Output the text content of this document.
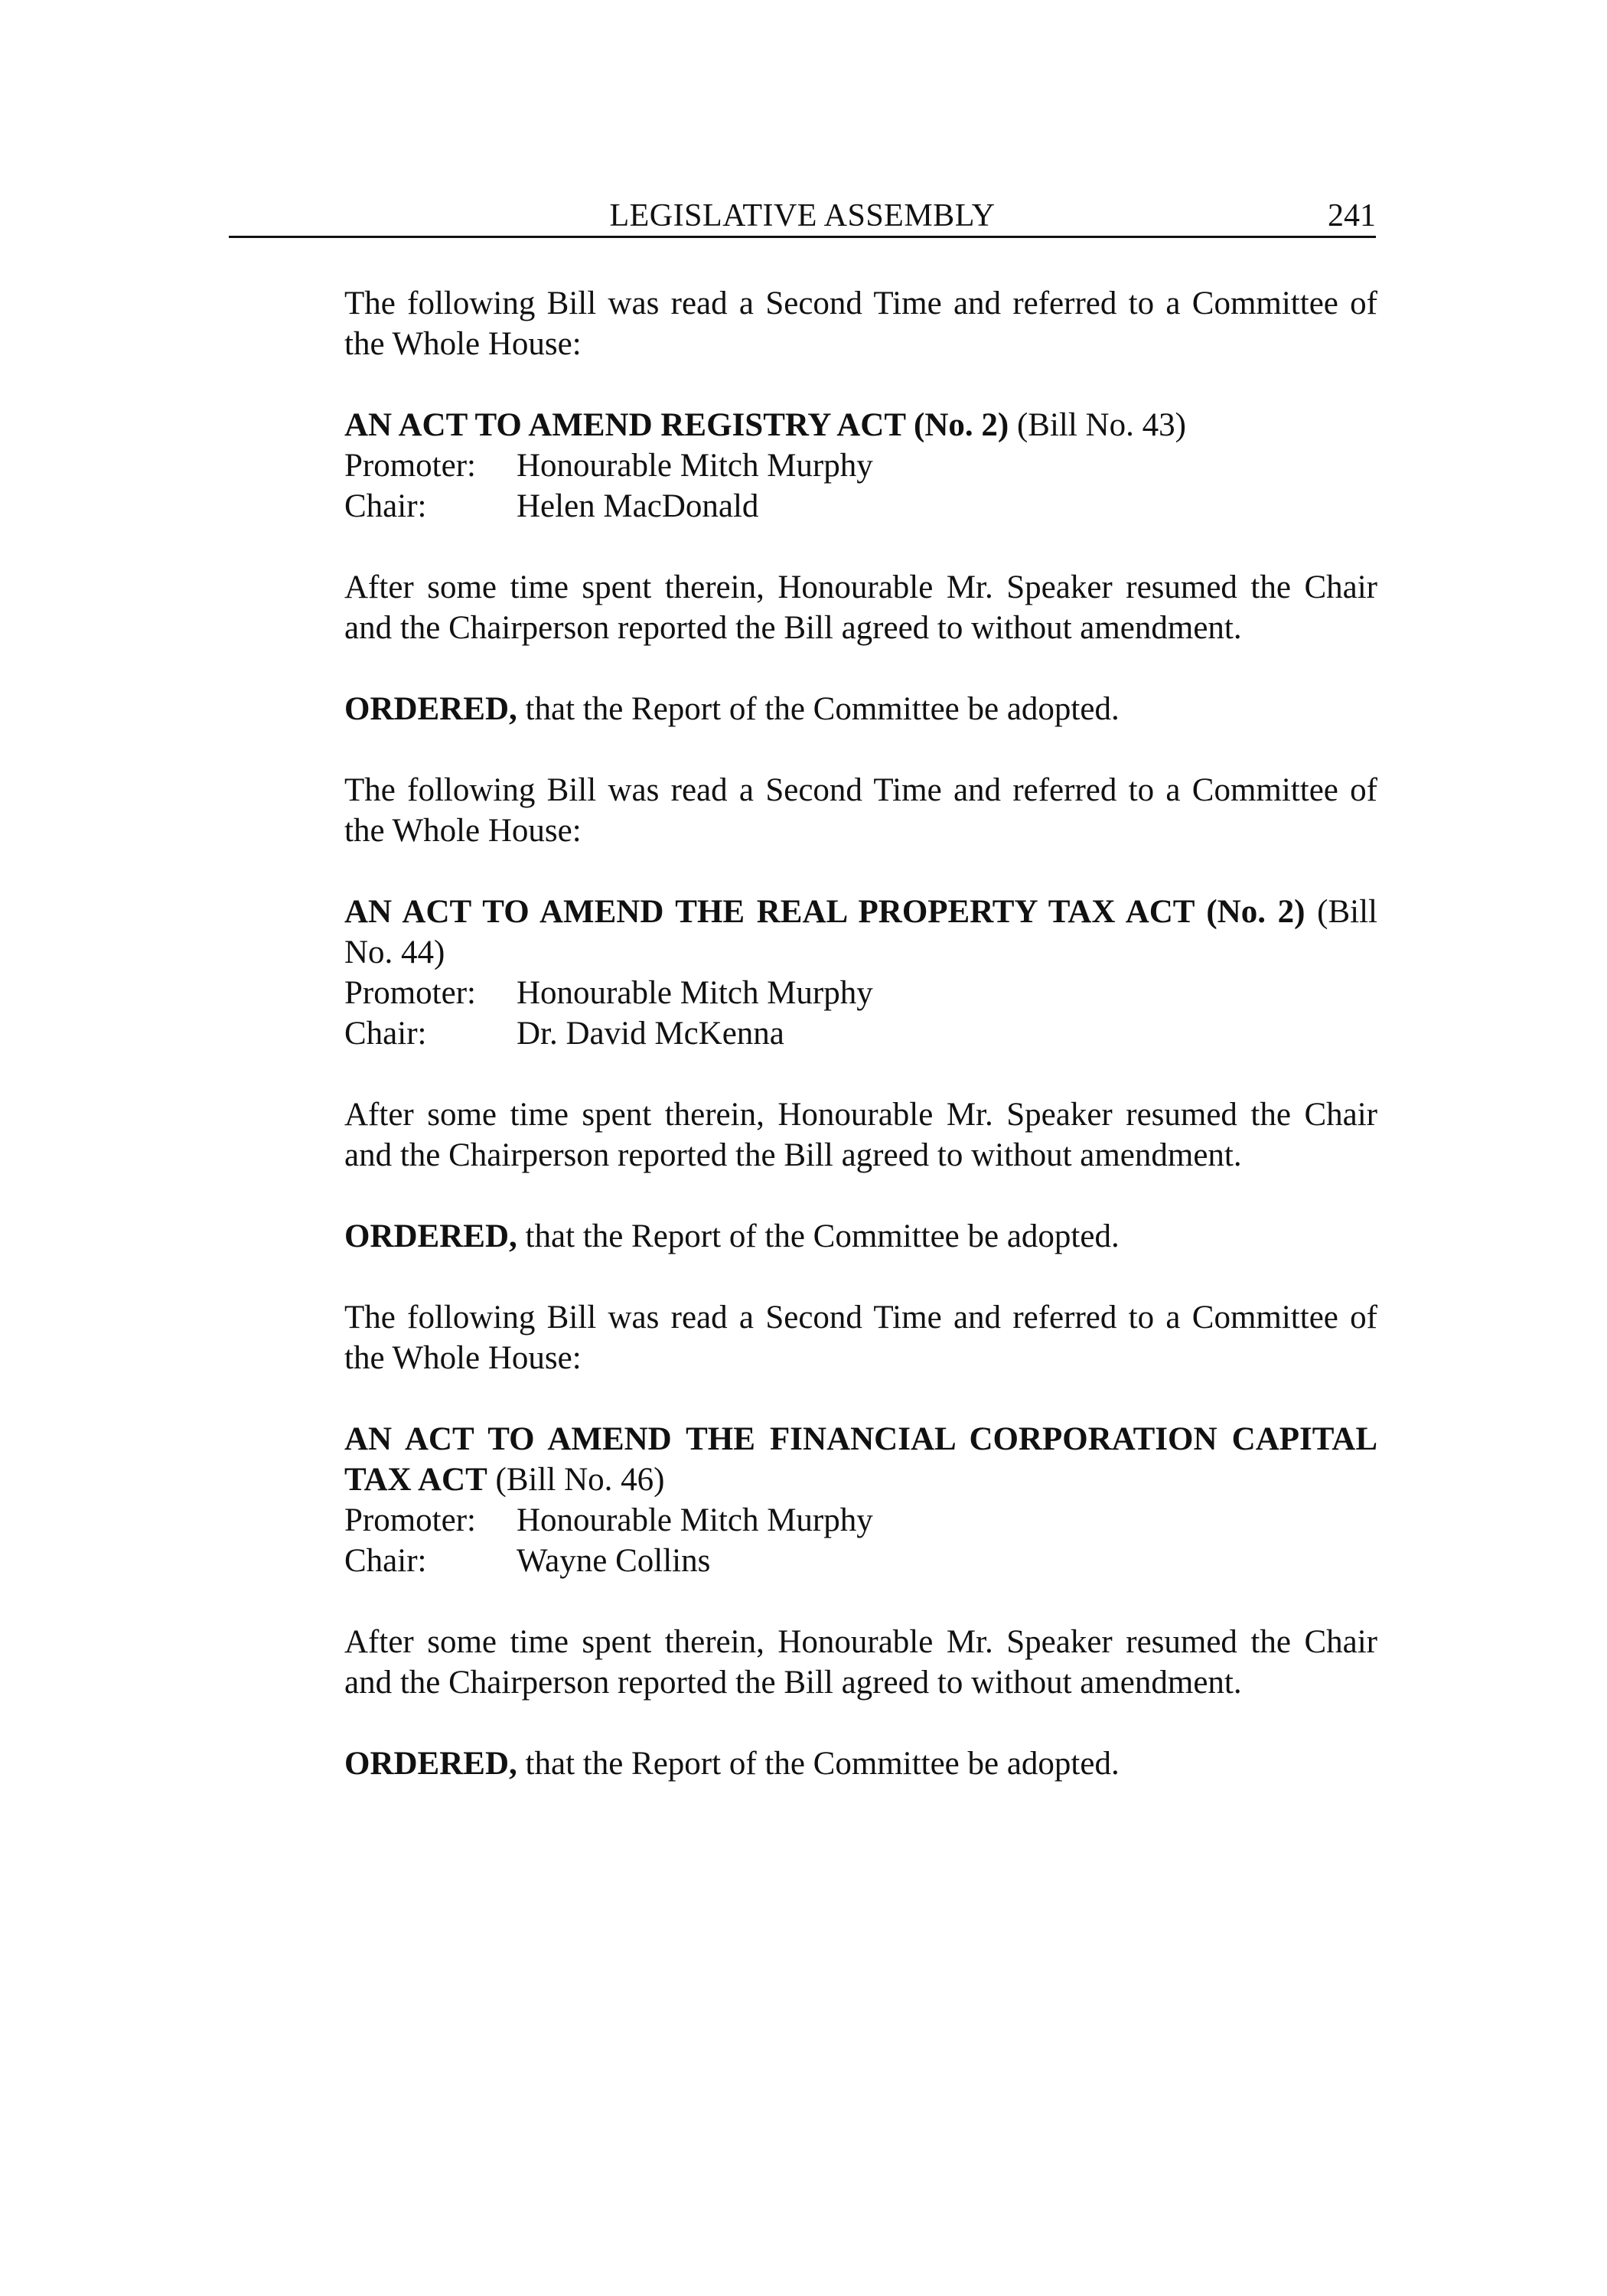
LEGISLATIVE ASSEMBLY	241

The following Bill was read a Second Time and referred to a Committee of the Whole House:

AN ACT TO AMEND REGISTRY ACT (No. 2) (Bill No. 43)

Promoter:	Honourable Mitch Murphy

Chair:	Helen MacDonald

After some time spent therein, Honourable Mr. Speaker resumed the Chair and the Chairperson reported the Bill agreed to without amendment.

ORDERED, that the Report of the Committee be adopted.

The following Bill was read a Second Time and referred to a Committee of the Whole House:

AN ACT TO AMEND THE REAL PROPERTY TAX ACT (No. 2) (Bill No. 44)

Promoter:	Honourable Mitch Murphy

Chair:	Dr. David McKenna

After some time spent therein, Honourable Mr. Speaker resumed the Chair and the Chairperson reported the Bill agreed to without amendment.

ORDERED, that the Report of the Committee be adopted.

The following Bill was read a Second Time and referred to a Committee of the Whole House:

AN ACT TO AMEND THE FINANCIAL CORPORATION CAPITAL TAX ACT (Bill No. 46)

Promoter:	Honourable Mitch Murphy

Chair:	Wayne Collins

After some time spent therein, Honourable Mr. Speaker resumed the Chair and the Chairperson reported the Bill agreed to without amendment.

ORDERED, that the Report of the Committee be adopted.
